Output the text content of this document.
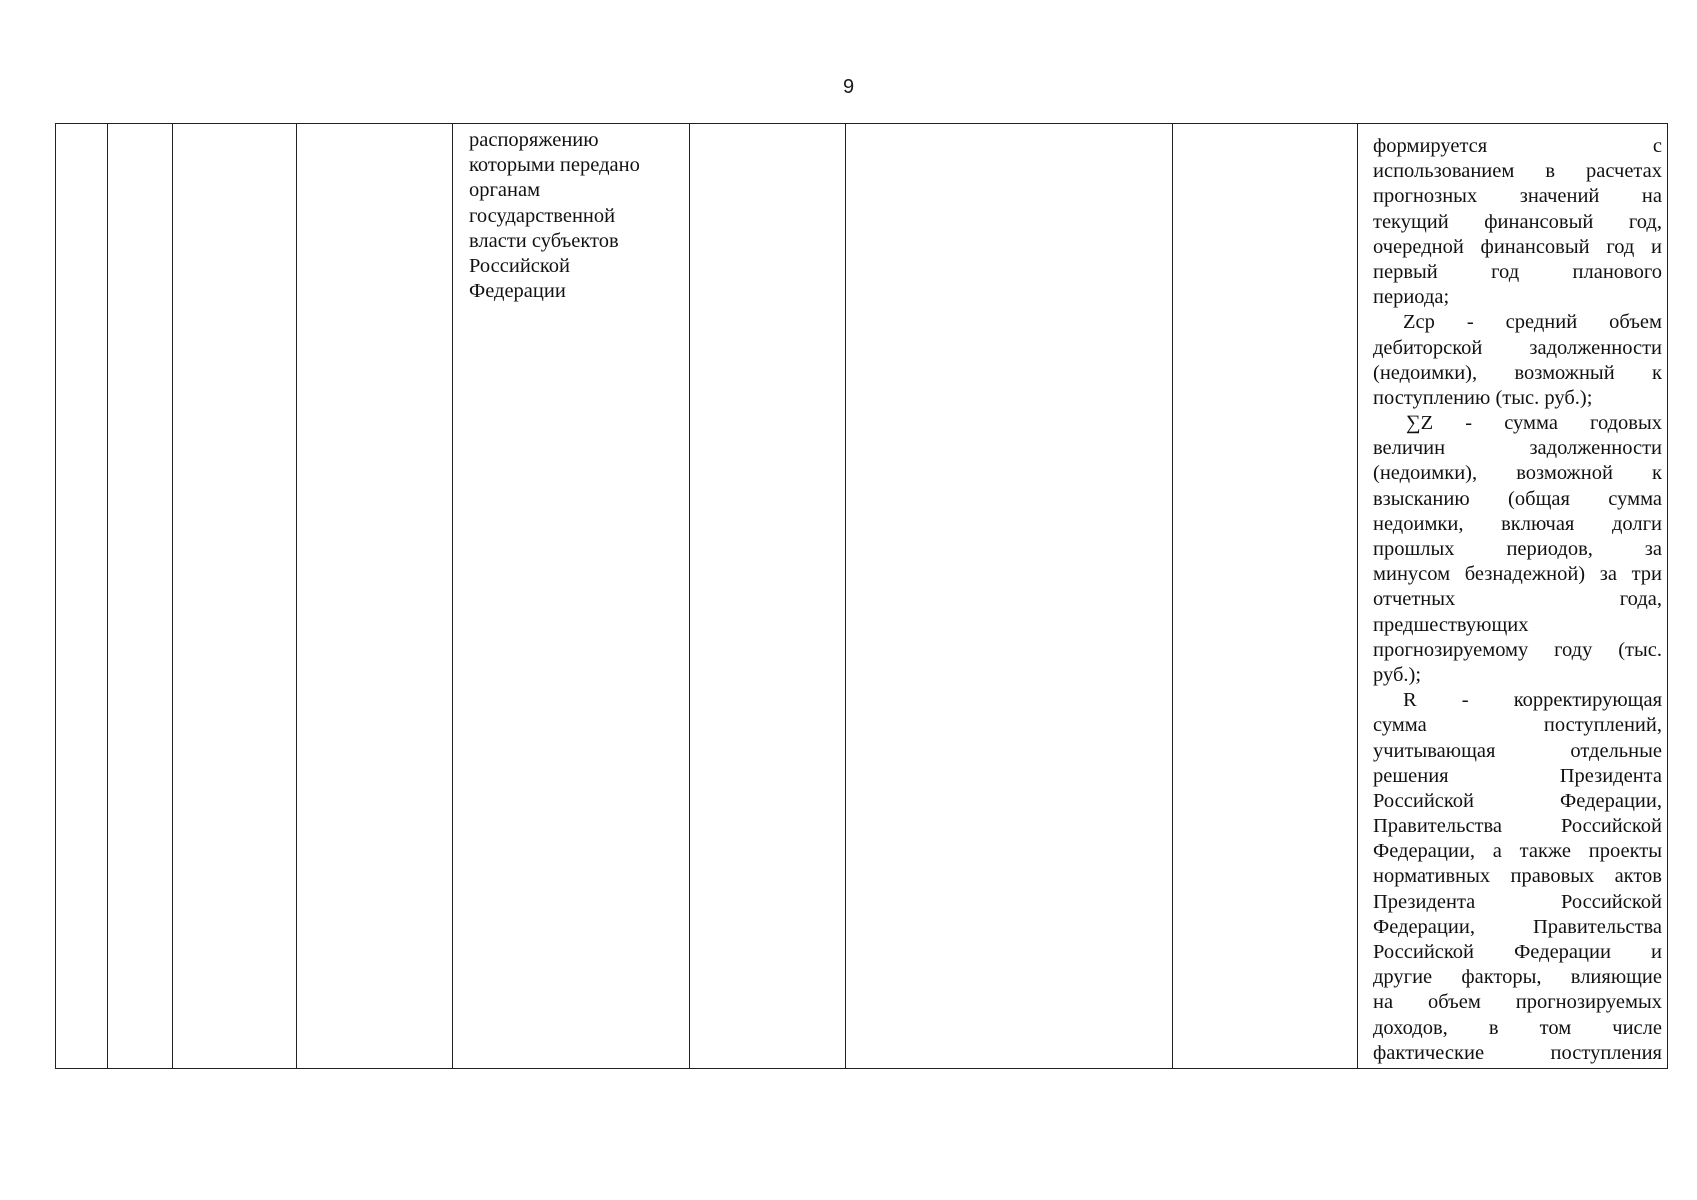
9
распоряжению
которыми передано
органам
государственной
власти субъектов
Российской
Федерации
формируется с
использованием в расчетах
прогнозных значений на
текущий финансовый год,
очередной финансовый год и
первый год планового
периода;
Zср - средний объем
дебиторской задолженности
(недоимки), возможный к
поступлению (тыс. руб.);
∑Z - сумма годовых
величин задолженности
(недоимки), возможной к
взысканию (общая сумма
недоимки, включая долги
прошлых периодов, за
минусом безнадежной) за три
отчетных года,
предшествующих
прогнозируемому году (тыс.
руб.);
R - корректирующая
сумма поступлений,
учитывающая отдельные
решения Президента
Российской Федерации,
Правительства Российской
Федерации, а также проекты
нормативных правовых актов
Президента Российской
Федерации, Правительства
Российской Федерации и
другие факторы, влияющие
на объем прогнозируемых
доходов, в том числе
фактические поступления
